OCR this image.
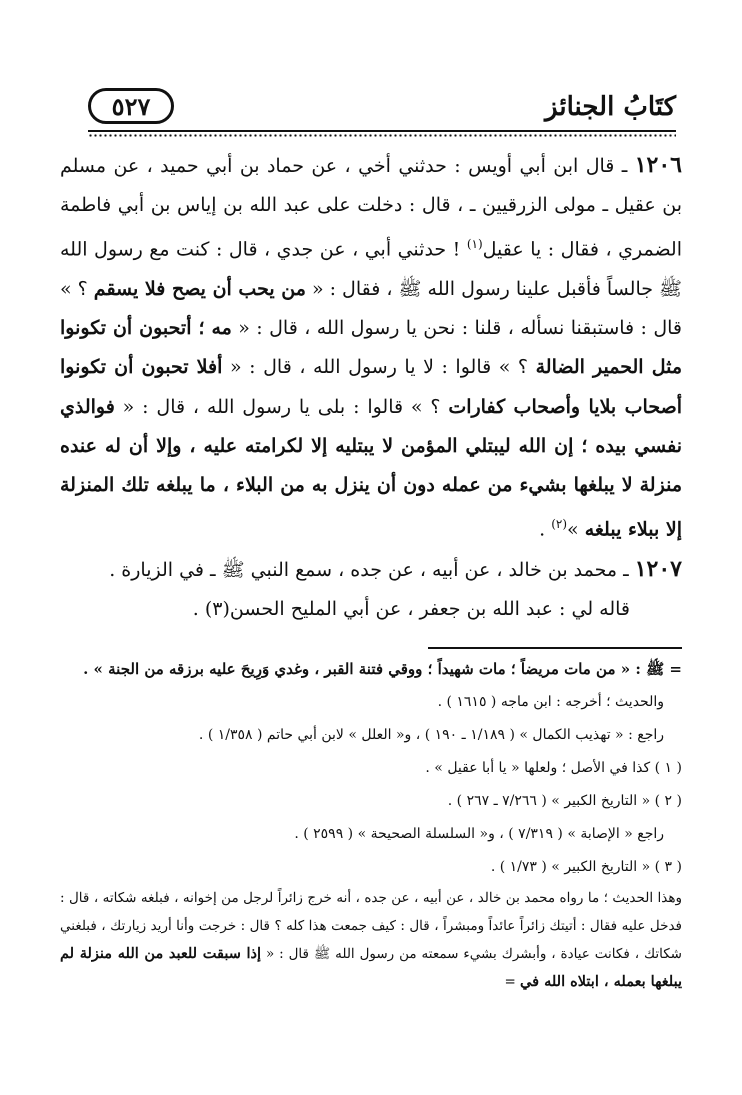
كتَابُ الجنائز
٥٢٧

١٢٠٦ ـ قال ابن أبي أويس : حدثني أخي ، عن حماد بن أبي حميد ، عن مسلم بن عقيل ـ مولى الزرقيين ـ ، قال : دخلت على عبد الله بن إياس بن أبي فاطمة الضمري ، فقال : يا عقيل$^{(١)}$ ! حدثني أبي ، عن جدي ، قال : كنت مع رسول الله ﷺ جالساً فأقبل علينا رسول الله ﷺ ، فقال : « من يحب أن يصح فلا يسقم ؟ » قال : فاستبقنا نسأله ، قلنا : نحن يا رسول الله ، قال : « مه ؛ أتحبون أن تكونوا مثل الحمير الضالة ؟ » قالوا : لا يا رسول الله ، قال : « أفلا تحبون أن تكونوا أصحاب بلايا وأصحاب كفارات ؟ » قالوا : بلى يا رسول الله ، قال : « فوالذي نفسي بيده ؛ إن الله ليبتلي المؤمن لا يبتليه إلا لكرامته عليه ، وإلا أن له عنده منزلة لا يبلغها بشيء من عمله دون أن ينزل به من البلاء ، ما يبلغه تلك المنزلة إلا ببلاء يبلغه »$^{(٢)}$ .

١٢٠٧ ـ محمد بن خالد ، عن أبيه ، عن جده ، سمع النبي ﷺ ـ في الزيارة .

قاله لي : عبد الله بن جعفر ، عن أبي المليح الحسن(٣) .

= ﷺ : « من مات مريضاً ؛ مات شهيداً ؛ ووقي فتنة القبر ، وغدي وَرِيحَ عليه برزقه من الجنة » .

والحديث ؛ أخرجه : ابن ماجه ( ١٦١٥ ) .

راجع : « تهذيب الكمال » ( ١/١٨٩ ـ ١٩٠ ) ، و« العلل » لابن أبي حاتم ( ١/٣٥٨ ) .

( ١ ) كذا في الأصل ؛ ولعلها « يا أبا عقيل » .

( ٢ ) « التاريخ الكبير » ( ٧/٢٦٦ ـ ٢٦٧ ) .

راجع « الإصابة » ( ٧/٣١٩ ) ، و« السلسلة الصحيحة » ( ٢٥٩٩ ) .

( ٣ ) « التاريخ الكبير » ( ١/٧٣ ) .

وهذا الحديث ؛ ما رواه محمد بن خالد ، عن أبيه ، عن جده ، أنه خرج زائراً لرجل من إخوانه ، فبلغه شكاته ، قال : فدخل عليه فقال : أتيتك زائراً عائداً ومبشراً ، قال : كيف جمعت هذا كله ؟ قال : خرجت وأنا أريد زيارتك ، فبلغني شكاتك ، فكانت عيادة ، وأبشرك بشيء سمعته من رسول الله ﷺ قال : « إذا سبقت للعبد من الله منزلة لم يبلغها بعمله ، ابتلاه الله في =
